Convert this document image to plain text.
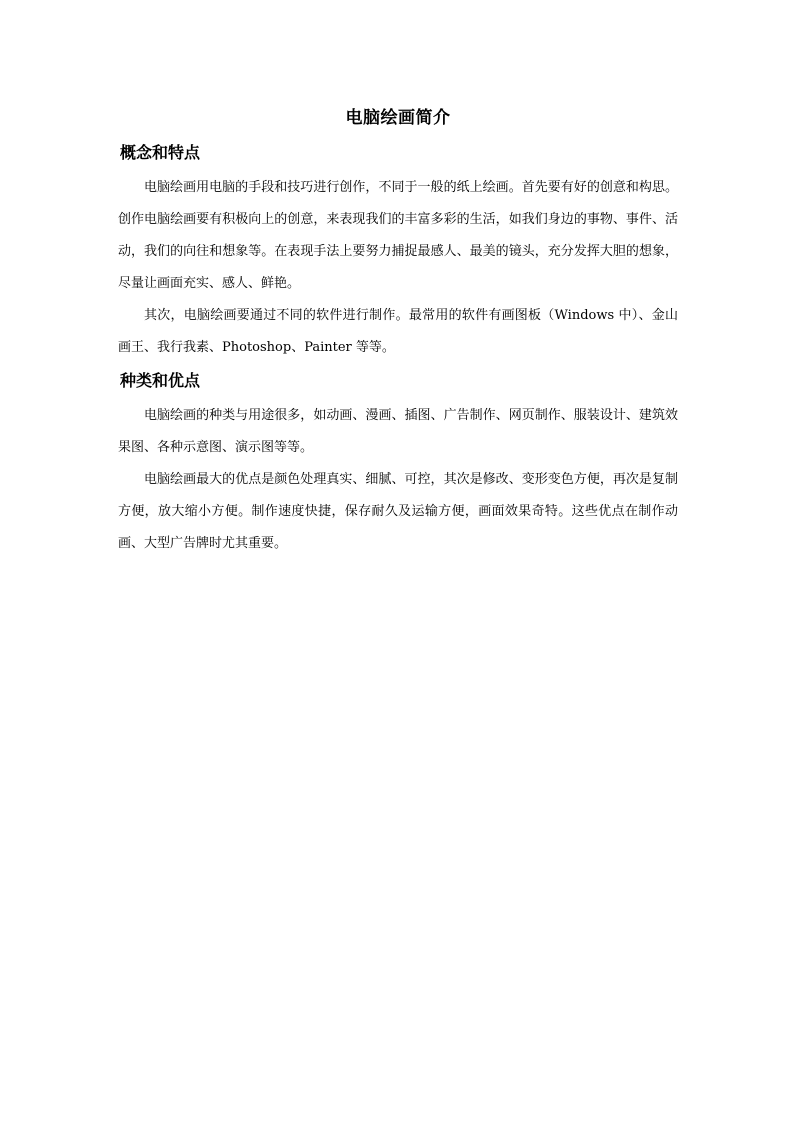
电脑绘画简介
概念和特点

电脑绘画用电脑的手段和技巧进行创作，不同于一般的纸上绘画。首先要有好的创意和构思。创作电脑绘画要有积极向上的创意，来表现我们的丰富多彩的生活，如我们身边的事物、事件、活动，我们的向往和想象等。在表现手法上要努力捕捉最感人、最美的镜头，充分发挥大胆的想象，尽量让画面充实、感人、鲜艳。

其次，电脑绘画要通过不同的软件进行制作。最常用的软件有画图板（Windows 中）、金山画王、我行我素、Photoshop、Painter 等等。

种类和优点

电脑绘画的种类与用途很多，如动画、漫画、插图、广告制作、网页制作、服装设计、建筑效果图、各种示意图、演示图等等。

电脑绘画最大的优点是颜色处理真实、细腻、可控，其次是修改、变形变色方便，再次是复制方便，放大缩小方便。制作速度快捷，保存耐久及运输方便，画面效果奇特。这些优点在制作动画、大型广告牌时尤其重要。
